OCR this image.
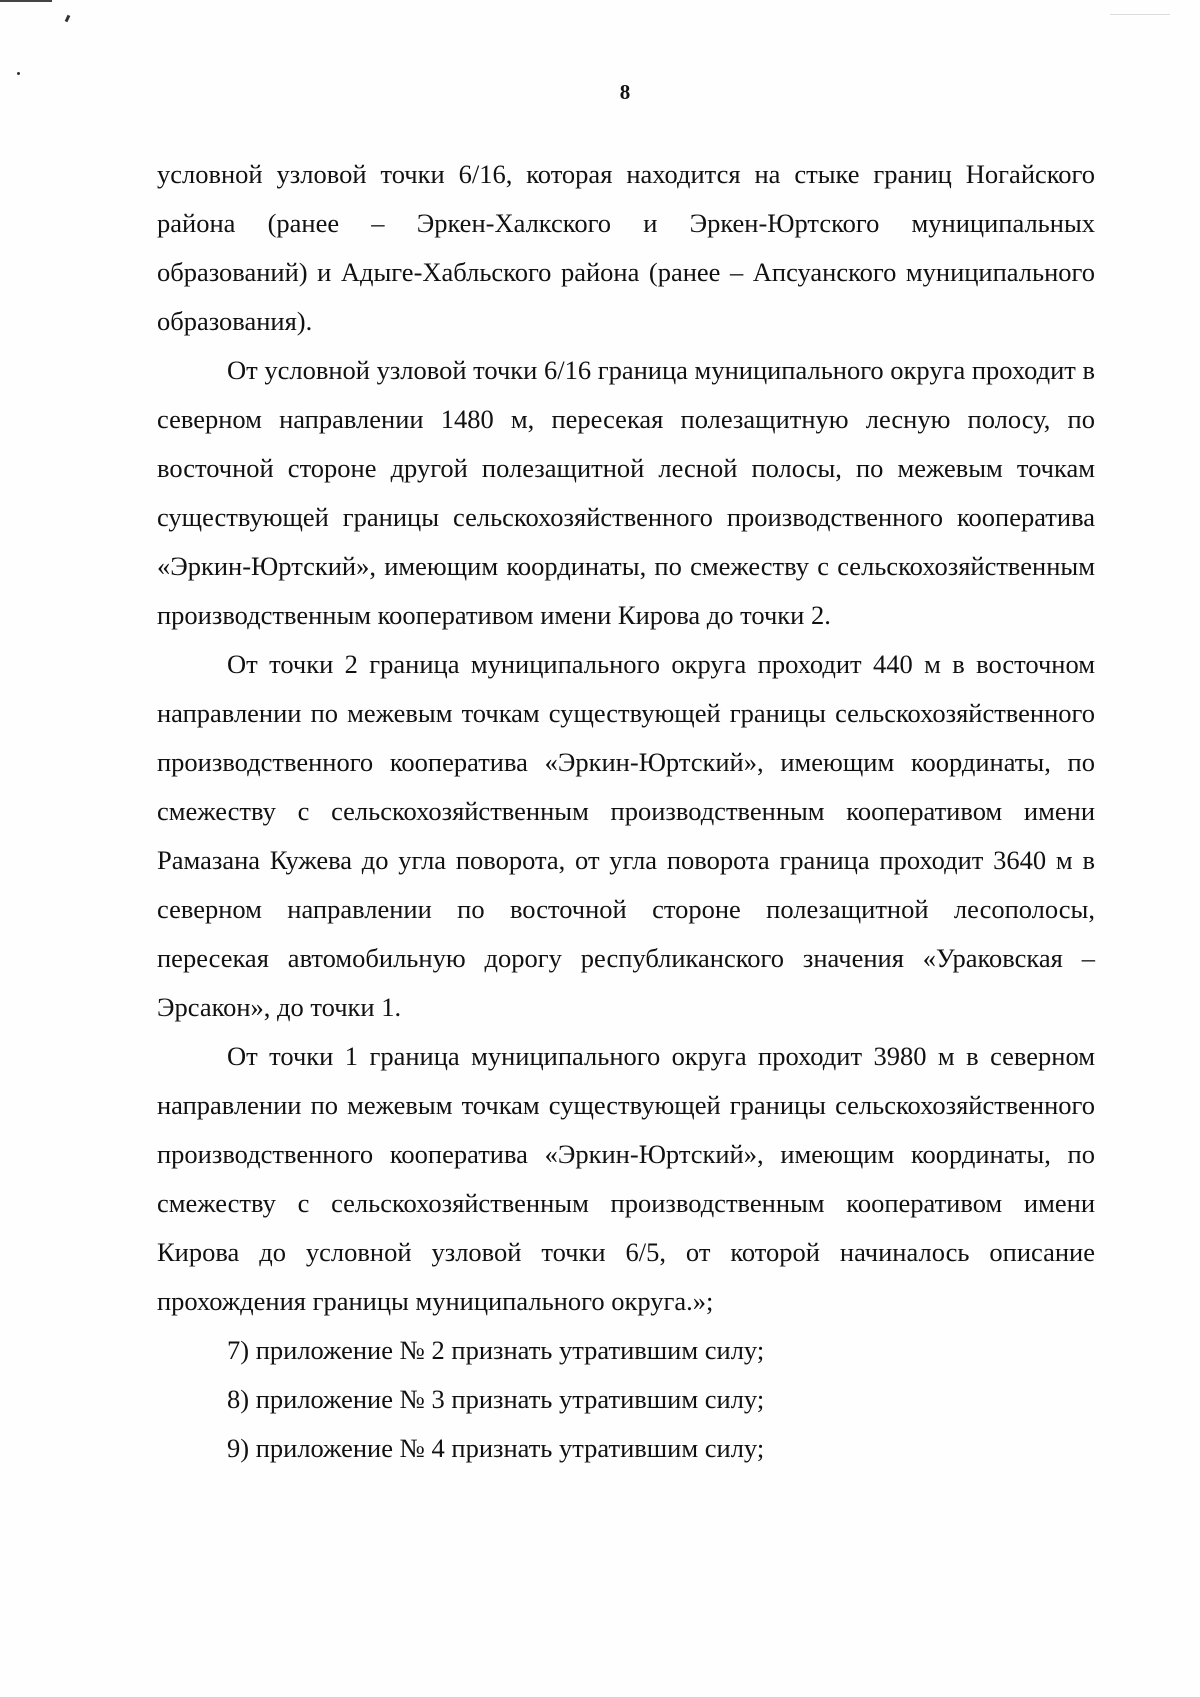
8

условной узловой точки 6/16, которая находится на стыке границ Ногайского района (ранее – Эркен-Халкского и Эркен-Юртского муниципальных образований) и Адыге-Хабльского района (ранее – Апсуанского муниципального образования).

От условной узловой точки 6/16 граница муниципального округа проходит в северном направлении 1480 м, пересекая полезащитную лесную полосу, по восточной стороне другой полезащитной лесной полосы, по межевым точкам существующей границы сельскохозяйственного производственного кооператива «Эркин-Юртский», имеющим координаты, по смежеству с сельскохозяйственным производственным кооперативом имени Кирова до точки 2.

От точки 2 граница муниципального округа проходит 440 м в восточном направлении по межевым точкам существующей границы сельскохозяйственного производственного кооператива «Эркин-Юртский», имеющим координаты, по смежеству с сельскохозяйственным производственным кооперативом имени Рамазана Кужева до угла поворота, от угла поворота граница проходит 3640 м в северном направлении по восточной стороне полезащитной лесополосы, пересекая автомобильную дорогу республиканского значения «Ураковская – Эрсакон», до точки 1.

От точки 1 граница муниципального округа проходит 3980 м в северном направлении по межевым точкам существующей границы сельскохозяйственного производственного кооператива «Эркин-Юртский», имеющим координаты, по смежеству с сельскохозяйственным производственным кооперативом имени Кирова до условной узловой точки 6/5, от которой начиналось описание прохождения границы муниципального округа.»;

7) приложение № 2 признать утратившим силу;

8) приложение № 3 признать утратившим силу;

9) приложение № 4 признать утратившим силу;
